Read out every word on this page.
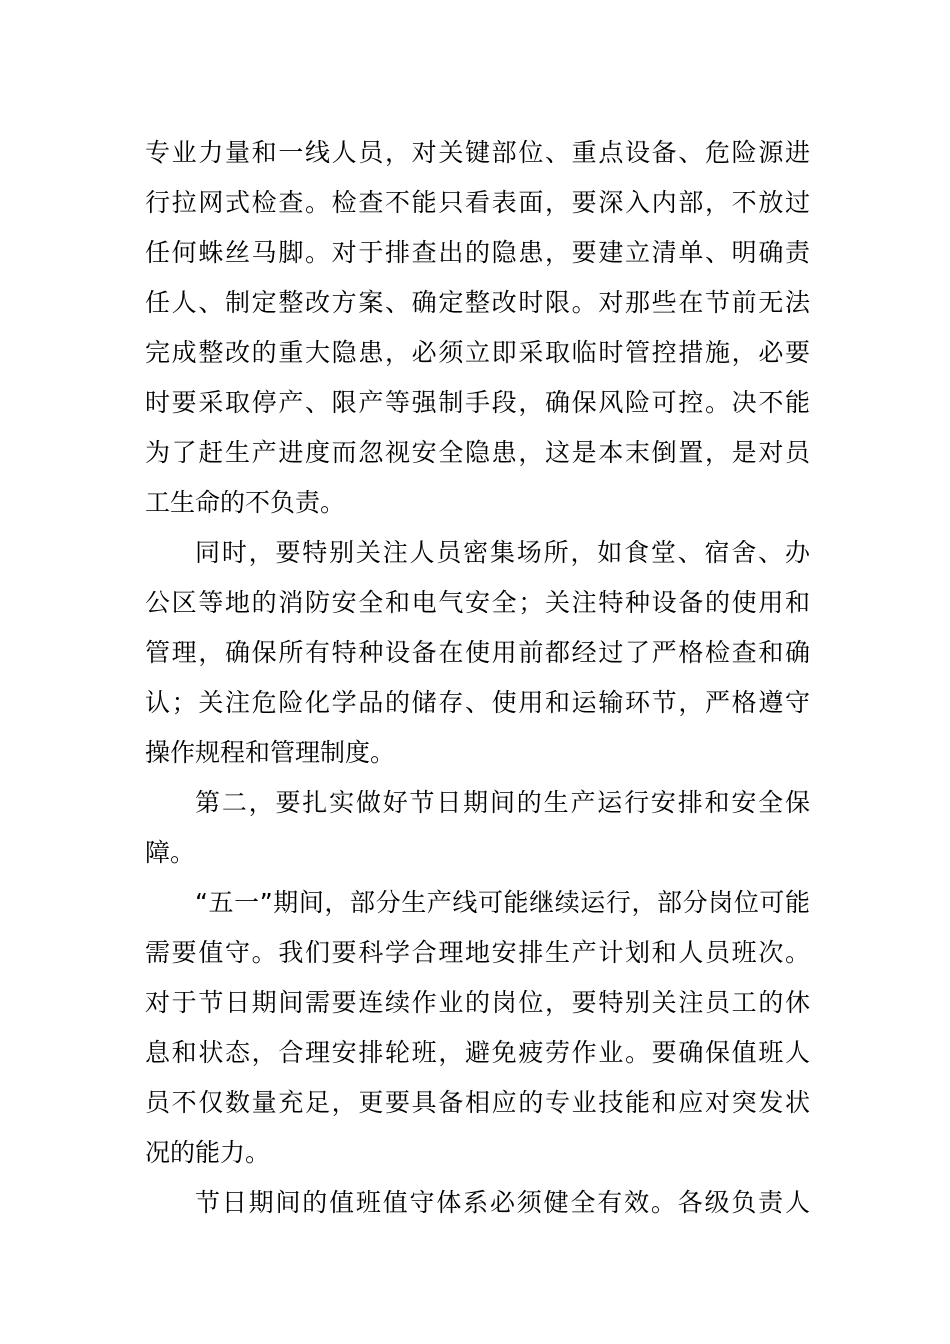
专业力量和一线人员，对关键部位、重点设备、危险源进
行拉网式检查。检查不能只看表面，要深入内部，不放过
任何蛛丝马脚。对于排查出的隐患，要建立清单、明确责
任人、制定整改方案、确定整改时限。对那些在节前无法
完成整改的重大隐患，必须立即采取临时管控措施，必要
时要采取停产、限产等强制手段，确保风险可控。决不能
为了赶生产进度而忽视安全隐患，这是本末倒置，是对员
工生命的不负责。
同时，要特别关注人员密集场所，如食堂、宿舍、办
公区等地的消防安全和电气安全；关注特种设备的使用和
管理，确保所有特种设备在使用前都经过了严格检查和确
认；关注危险化学品的储存、使用和运输环节，严格遵守
操作规程和管理制度。
第二，要扎实做好节日期间的生产运行安排和安全保
障。
“五一”期间，部分生产线可能继续运行，部分岗位可能
需要值守。我们要科学合理地安排生产计划和人员班次。
对于节日期间需要连续作业的岗位，要特别关注员工的休
息和状态，合理安排轮班，避免疲劳作业。要确保值班人
员不仅数量充足，更要具备相应的专业技能和应对突发状
况的能力。
节日期间的值班值守体系必须健全有效。各级负责人
